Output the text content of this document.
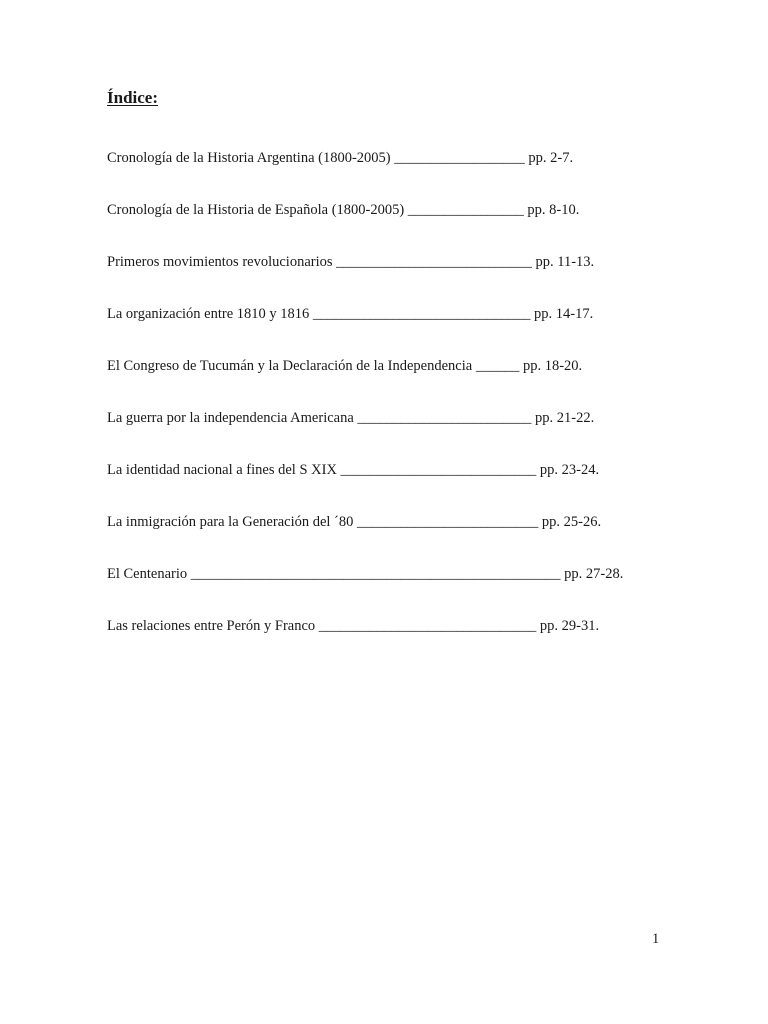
Índice:
Cronología de la Historia Argentina (1800-2005) __________________ pp. 2-7.
Cronología de la Historia de Española (1800-2005) ________________ pp. 8-10.
Primeros movimientos revolucionarios ___________________________ pp. 11-13.
La organización entre 1810 y 1816 ______________________________ pp. 14-17.
El Congreso de Tucumán y la Declaración de la Independencia ______ pp. 18-20.
La guerra por la independencia Americana ________________________ pp. 21-22.
La identidad nacional a fines del S XIX ___________________________ pp. 23-24.
La inmigración para la Generación del ´80 _________________________ pp. 25-26.
El Centenario ___________________________________________________ pp. 27-28.
Las relaciones entre Perón y Franco ______________________________ pp. 29-31.
1
